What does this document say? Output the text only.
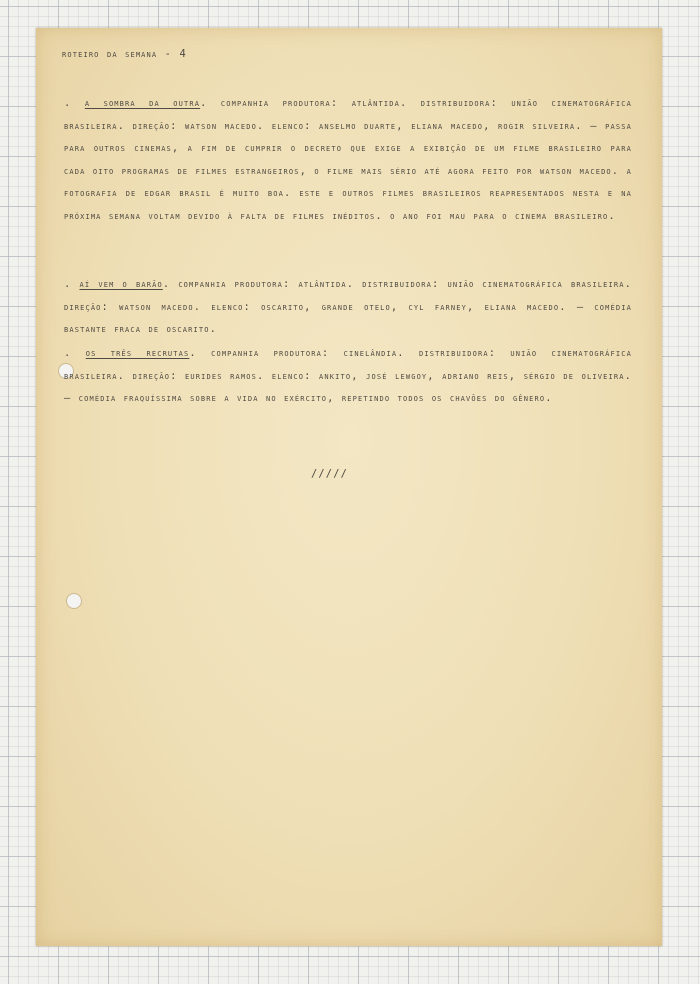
roteiro da semana - 4
. a sombra da outra. companhia produtora: atlântida. distribuidora: união cinematográfica brasileira. direção: watson macedo. elenco: anselmo duarte, eliana macedo, rogir silveira. — passa para outros cinemas, a fim de cumprir o decreto que exige a exibição de um filme brasileiro para cada oito programas de filmes estrangeiros, o filme mais sério até agora feito por watson macedo. a fotografia de edgar brasil é muito boa. este e outros filmes brasileiros reapresentados nesta e na próxima semana voltam devido à falta de filmes inéditos. o ano foi mau para o cinema brasileiro.
. aí vem o barão. companhia produtora: atlântida. distribuidora: união cinematográfica brasileira. direção: watson macedo. elenco: oscarito, grande otelo, cyl farney, eliana macedo. — comédia bastante fraca de oscarito.
. os três recrutas. companhia produtora: cinelândia. distribuidora: união cinematográfica brasileira. direção: eurides ramos. elenco: ankito, josé lewgoy, adriano reis, sérgio de oliveira. — comédia fraquíssima sobre a vida no exército, repetindo todos os chavões do gênero.
/////
